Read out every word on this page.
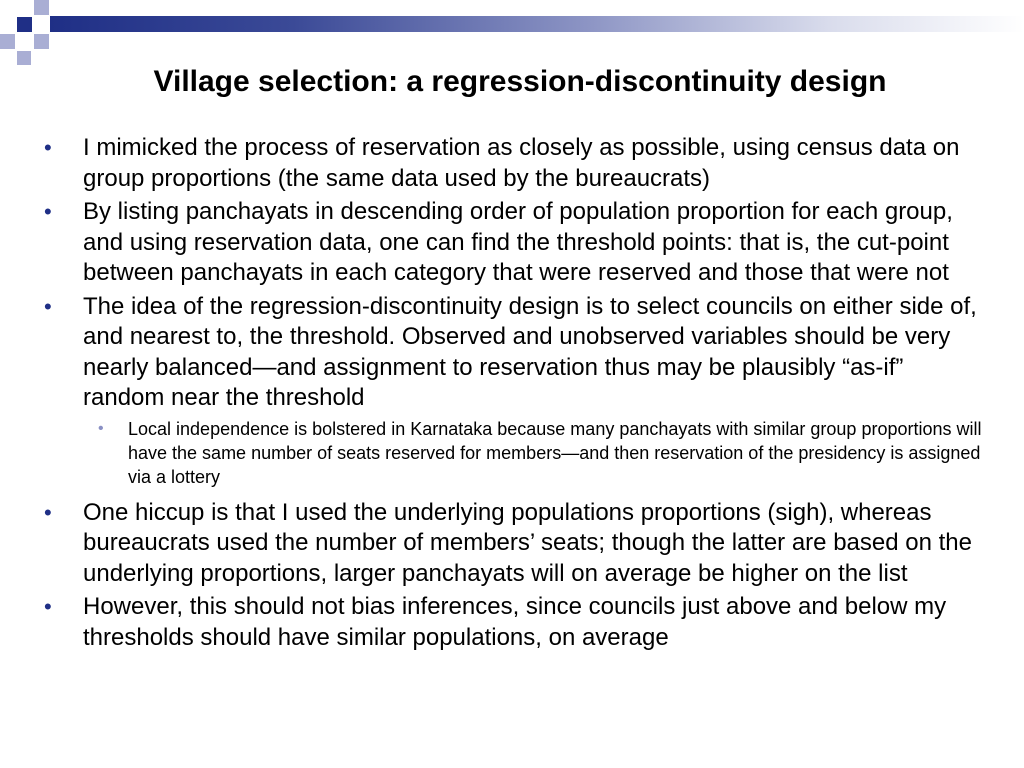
Village selection: a regression-discontinuity design
• I mimicked the process of reservation as closely as possible, using census data on group proportions (the same data used by the bureaucrats)
• By listing panchayats in descending order of population proportion for each group, and using reservation data, one can find the threshold points: that is, the cut-point between panchayats in each category that were reserved and those that were not
• The idea of the regression-discontinuity design is to select councils on either side of, and nearest to, the threshold. Observed and unobserved variables should be very nearly balanced—and assignment to reservation thus may be plausibly “as-if” random near the threshold
• Local independence is bolstered in Karnataka because many panchayats with similar group proportions will have the same number of seats reserved for members—and then reservation of the presidency is assigned via a lottery
• One hiccup is that I used the underlying populations proportions (sigh), whereas bureaucrats used the number of members’ seats; though the latter are based on the underlying proportions, larger panchayats will on average be higher on the list
• However, this should not bias inferences, since councils just above and below my thresholds should have similar populations, on average
